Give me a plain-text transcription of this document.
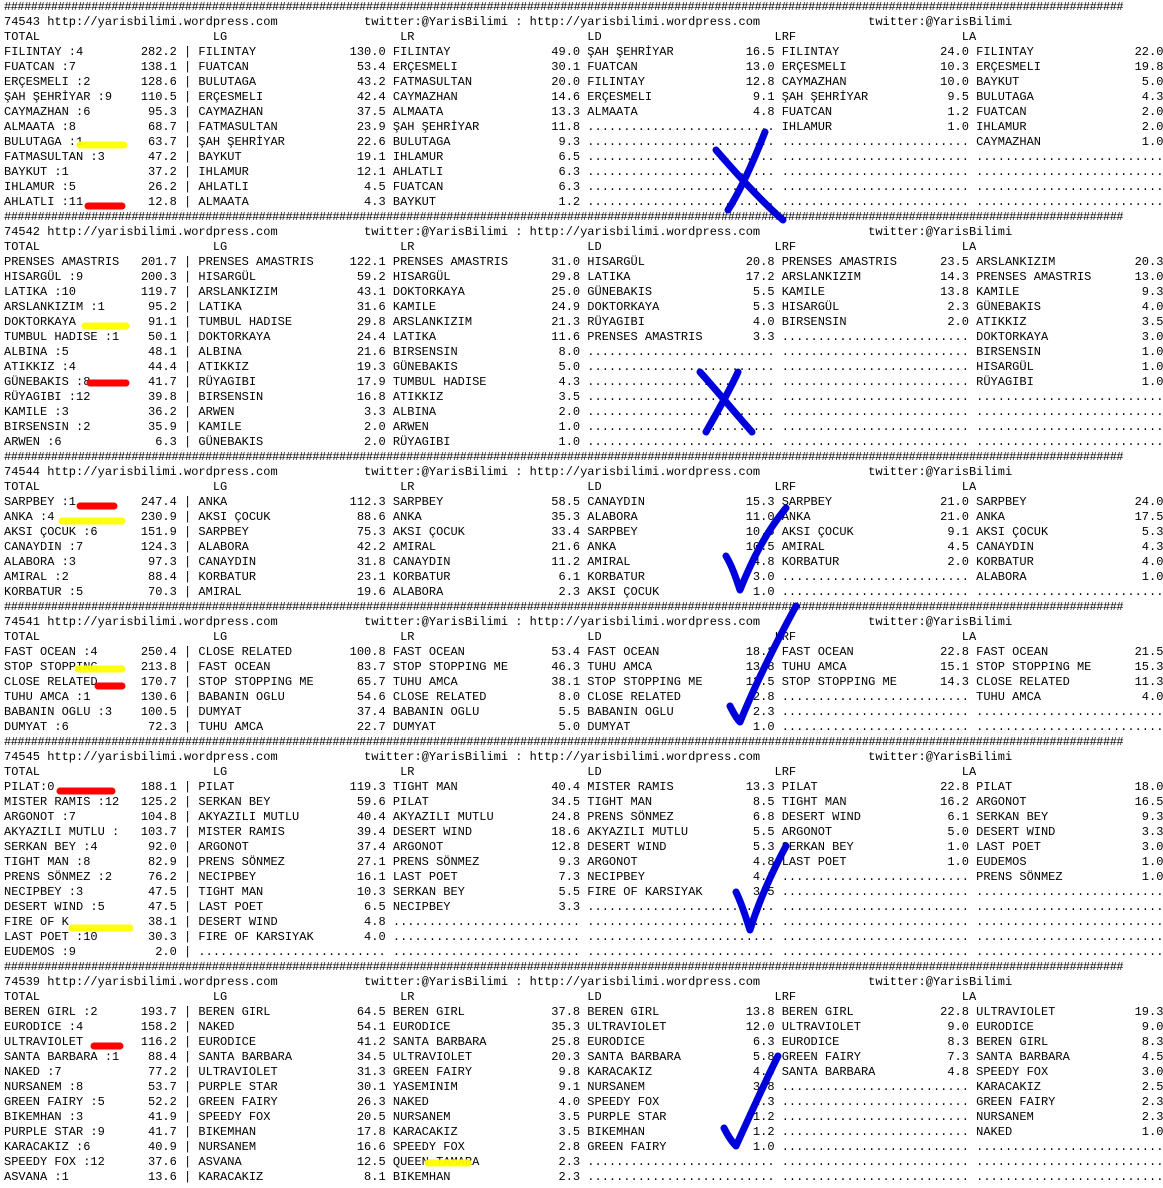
#######################################################################################################################################################################
74543 http://yarisbilimi.wordpress.com            twitter:@YarisBilimi : http://yarisbilimi.wordpress.com               twitter:@YarisBilimi
TOTAL                        LG                        LR                        LD                        LRF                       LA
FILINTAY :4        282.2 | FILINTAY             130.0 FILINTAY              49.0 ŞAH ŞEHRİYAR          16.5 FILINTAY              24.0 FILINTAY              22.0
FUATCAN :7         138.1 | FUATCAN               53.4 ERÇESMELI             30.1 FUATCAN               13.0 ERÇESMELI             10.3 ERÇESMELI             19.8
ERÇESMELI :2       128.6 | BULUTAGA              43.2 FATMASULTAN           20.0 FILINTAY              12.8 CAYMAZHAN             10.0 BAYKUT                 5.0
ŞAH ŞEHRİYAR :9    110.5 | ERÇESMELI             42.4 CAYMAZHAN             14.6 ERÇESMELI              9.1 ŞAH ŞEHRİYAR           9.5 BULUTAGA               4.3
CAYMAZHAN :6        95.3 | CAYMAZHAN             37.5 ALMAATA               13.3 ALMAATA                4.8 FUATCAN                1.2 FUATCAN                2.0
ALMAATA :8          68.7 | FATMASULTAN           23.9 ŞAH ŞEHRİYAR          11.8 .......................... IHLAMUR                1.0 IHLAMUR                2.0
BULUTAGA :1         63.7 | ŞAH ŞEHRİYAR          22.6 BULUTAGA               9.3 .......................... .......................... CAYMAZHAN              1.0
FATMASULTAN :3      47.2 | BAYKUT                19.1 IHLAMUR                6.5 .......................... .......................... ..........................
BAYKUT :1           37.2 | IHLAMUR               12.1 AHLATLI                6.3 .......................... .......................... ..........................
IHLAMUR :5          26.2 | AHLATLI                4.5 FUATCAN                6.3 .......................... .......................... ..........................
AHLATLI :11         12.8 | ALMAATA                4.3 BAYKUT                 1.2 .......................... .......................... ..........................
#######################################################################################################################################################################
74542 http://yarisbilimi.wordpress.com            twitter:@YarisBilimi : http://yarisbilimi.wordpress.com               twitter:@YarisBilimi
TOTAL                        LG                        LR                        LD                        LRF                       LA
PRENSES AMASTRIS   201.7 | PRENSES AMASTRIS     122.1 PRENSES AMASTRIS      31.0 HISARGÜL              20.8 PRENSES AMASTRIS      23.5 ARSLANKIZIM           20.3
HISARGÜL :9        200.3 | HISARGÜL              59.2 HISARGÜL              29.8 LATIKA                17.2 ARSLANKIZIM           14.3 PRENSES AMASTRIS      13.0
LATIKA :10         119.7 | ARSLANKIZIM           43.1 DOKTORKAYA            25.0 GÜNEBAKIS              5.5 KAMILE                13.8 KAMILE                 9.3
ARSLANKIZIM :1      95.2 | LATIKA                31.6 KAMILE                24.9 DOKTORKAYA             5.3 HISARGÜL               2.3 GÜNEBAKIS              4.0
DOKTORKAYA          91.1 | TUMBUL HADISE         29.8 ARSLANKIZIM           21.3 RÜYAGIBI               4.0 BIRSENSIN              2.0 ATIKKIZ                3.5
TUMBUL HADISE :1    50.1 | DOKTORKAYA            24.4 LATIKA                11.6 PRENSES AMASTRIS       3.3 .......................... DOKTORKAYA             3.0
ALBINA :5           48.1 | ALBINA                21.6 BIRSENSIN              8.0 .......................... .......................... BIRSENSIN              1.0
ATIKKIZ :4          44.4 | ATIKKIZ               19.3 GÜNEBAKIS              5.0 .......................... .......................... HISARGÜL               1.0
GÜNEBAKIS :8        41.7 | RÜYAGIBI              17.9 TUMBUL HADISE          4.3 .......................... .......................... RÜYAGIBI               1.0
RÜYAGIBI :12        39.8 | BIRSENSIN             16.8 ATIKKIZ                3.5 .......................... .......................... ..........................
KAMILE :3           36.2 | ARWEN                  3.3 ALBINA                 2.0 .......................... .......................... ..........................
BIRSENSIN :2        35.9 | KAMILE                 2.0 ARWEN                  1.0 .......................... .......................... ..........................
ARWEN :6             6.3 | GÜNEBAKIS              2.0 RÜYAGIBI               1.0 .......................... .......................... ..........................
#######################################################################################################################################################################
74544 http://yarisbilimi.wordpress.com            twitter:@YarisBilimi : http://yarisbilimi.wordpress.com               twitter:@YarisBilimi
TOTAL                        LG                        LR                        LD                        LRF                       LA
SARPBEY :1         247.4 | ANKA                 112.3 SARPBEY               58.5 CANAYDIN              15.3 SARPBEY               21.0 SARPBEY               24.0
ANKA :4            230.9 | AKSI ÇOCUK            88.6 ANKA                  35.3 ALABORA               11.0 ANKA                  21.0 ANKA                  17.5
AKSI ÇOCUK :6      151.9 | SARPBEY               75.3 AKSI ÇOCUK            33.4 SARPBEY               10.5 AKSI ÇOCUK             9.1 AKSI ÇOCUK             5.3
CANAYDIN :7        124.3 | ALABORA               42.2 AMIRAL                21.6 ANKA                  10.5 AMIRAL                 4.5 CANAYDIN               4.3
ALABORA :3          97.3 | CANAYDIN              31.8 CANAYDIN              11.2 AMIRAL                 4.8 KORBATUR               2.0 KORBATUR               4.0
AMIRAL :2           88.4 | KORBATUR              23.1 KORBATUR               6.1 KORBATUR               3.0 .......................... ALABORA                1.0
KORBATUR :5         70.3 | AMIRAL                19.6 ALABORA                2.3 AKSI ÇOCUK             1.0 .......................... ..........................
#######################################################################################################################################################################
74541 http://yarisbilimi.wordpress.com            twitter:@YarisBilimi : http://yarisbilimi.wordpress.com               twitter:@YarisBilimi
TOTAL                        LG                        LR                        LD                        LRF                       LA
FAST OCEAN :4      250.4 | CLOSE RELATED        100.8 FAST OCEAN            53.4 FAST OCEAN            18.8 FAST OCEAN            22.8 FAST OCEAN            21.5
STOP STOPPING      213.8 | FAST OCEAN            83.7 STOP STOPPING ME      46.3 TUHU AMCA             13.8 TUHU AMCA             15.1 STOP STOPPING ME      15.3
CLOSE RELATED      170.7 | STOP STOPPING ME      65.7 TUHU AMCA             38.1 STOP STOPPING ME      13.5 STOP STOPPING ME      14.3 CLOSE RELATED         11.3
TUHU AMCA :1       130.6 | BABANIN OGLU          54.6 CLOSE RELATED          8.0 CLOSE RELATED          2.8 .......................... TUHU AMCA              4.0
BABANIN OGLU :3    100.5 | DUMYAT                37.4 BABANIN OGLU           5.5 BABANIN OGLU           2.3 .......................... ..........................
DUMYAT :6           72.3 | TUHU AMCA             22.7 DUMYAT                 5.0 DUMYAT                 1.0 .......................... ..........................
#######################################################################################################################################################################
74545 http://yarisbilimi.wordpress.com            twitter:@YarisBilimi : http://yarisbilimi.wordpress.com               twitter:@YarisBilimi
TOTAL                        LG                        LR                        LD                        LRF                       LA
PILAT:0            188.1 | PILAT                119.3 TIGHT MAN             40.4 MISTER RAMIS          13.3 PILAT                 22.8 PILAT                 18.0
MISTER RAMIS :12   125.2 | SERKAN BEY            59.6 PILAT                 34.5 TIGHT MAN              8.5 TIGHT MAN             16.2 ARGONOT               16.5
ARGONOT :7         104.8 | AKYAZILI MUTLU        40.4 AKYAZILI MUTLU        24.8 PRENS SÖNMEZ           6.8 DESERT WIND            6.1 SERKAN BEY             9.3
AKYAZILI MUTLU :   103.7 | MISTER RAMIS          39.4 DESERT WIND           18.6 AKYAZILI MUTLU         5.5 ARGONOT                5.0 DESERT WIND            3.3
SERKAN BEY :4       92.0 | ARGONOT               37.4 ARGONOT               12.8 DESERT WIND            5.3 SERKAN BEY             1.0 LAST POET              3.0
TIGHT MAN :8        82.9 | PRENS SÖNMEZ          27.1 PRENS SÖNMEZ           9.3 ARGONOT                4.8 LAST POET              1.0 EUDEMOS                1.0
PRENS SÖNMEZ :2     76.2 | NECIPBEY              16.1 LAST POET              7.3 NECIPBEY               4.5 .......................... PRENS SÖNMEZ           1.0
NECIPBEY :3         47.5 | TIGHT MAN             10.3 SERKAN BEY             5.5 FIRE OF KARSIYAK       3.5 .......................... ..........................
DESERT WIND :5      47.5 | LAST POET              6.5 NECIPBEY               3.3 .......................... .......................... ..........................
FIRE OF K           38.1 | DESERT WIND            4.8 .......................... .......................... .......................... ..........................
LAST POET :10       30.3 | FIRE OF KARSIYAK       4.0 .......................... .......................... .......................... ..........................
EUDEMOS :9           2.0 | .......................... .......................... .......................... .......................... ..........................
#######################################################################################################################################################################
74539 http://yarisbilimi.wordpress.com            twitter:@YarisBilimi : http://yarisbilimi.wordpress.com               twitter:@YarisBilimi
TOTAL                        LG                        LR                        LD                        LRF                       LA
BEREN GIRL :2      193.7 | BEREN GIRL            64.5 BEREN GIRL            37.8 BEREN GIRL            13.8 BEREN GIRL            22.8 ULTRAVIOLET           19.3
EURODICE :4        158.2 | NAKED                 54.1 EURODICE              35.3 ULTRAVIOLET           12.0 ULTRAVIOLET            9.0 EURODICE               9.0
ULTRAVIOLET        116.2 | EURODICE              41.2 SANTA BARBARA         25.8 EURODICE               6.3 EURODICE               8.3 BEREN GIRL             8.3
SANTA BARBARA :1    88.4 | SANTA BARBARA         34.5 ULTRAVIOLET           20.3 SANTA BARBARA          5.8 GREEN FAIRY            7.3 SANTA BARBARA          4.5
NAKED :7            77.2 | ULTRAVIOLET           31.3 GREEN FAIRY            9.8 KARACAKIZ              4.8 SANTA BARBARA          4.8 SPEEDY FOX             3.0
NURSANEM :8         53.7 | PURPLE STAR           30.1 YASEMINIM              9.1 NURSANEM               3.8 .......................... KARACAKIZ              2.5
GREEN FAIRY :5      52.2 | GREEN FAIRY           26.3 NAKED                  4.0 SPEEDY FOX             2.3 .......................... GREEN FAIRY            2.3
BIKEMHAN :3         41.9 | SPEEDY FOX            20.5 NURSANEM               3.5 PURPLE STAR            1.2 .......................... NURSANEM               2.3
PURPLE STAR :9      41.7 | BIKEMHAN              17.8 KARACAKIZ              3.5 BIKEMHAN               1.2 .......................... NAKED                  1.0
KARACAKIZ :6        40.9 | NURSANEM              16.6 SPEEDY FOX             2.8 GREEN FAIRY            1.0 .......................... ..........................
SPEEDY FOX :12      37.6 | ASVANA                12.5 QUEEN TAMARA           2.3 .......................... .......................... ..........................
ASVANA :1           13.6 | KARACAKIZ              8.1 BIKEMHAN               2.3 .......................... .......................... ..........................
